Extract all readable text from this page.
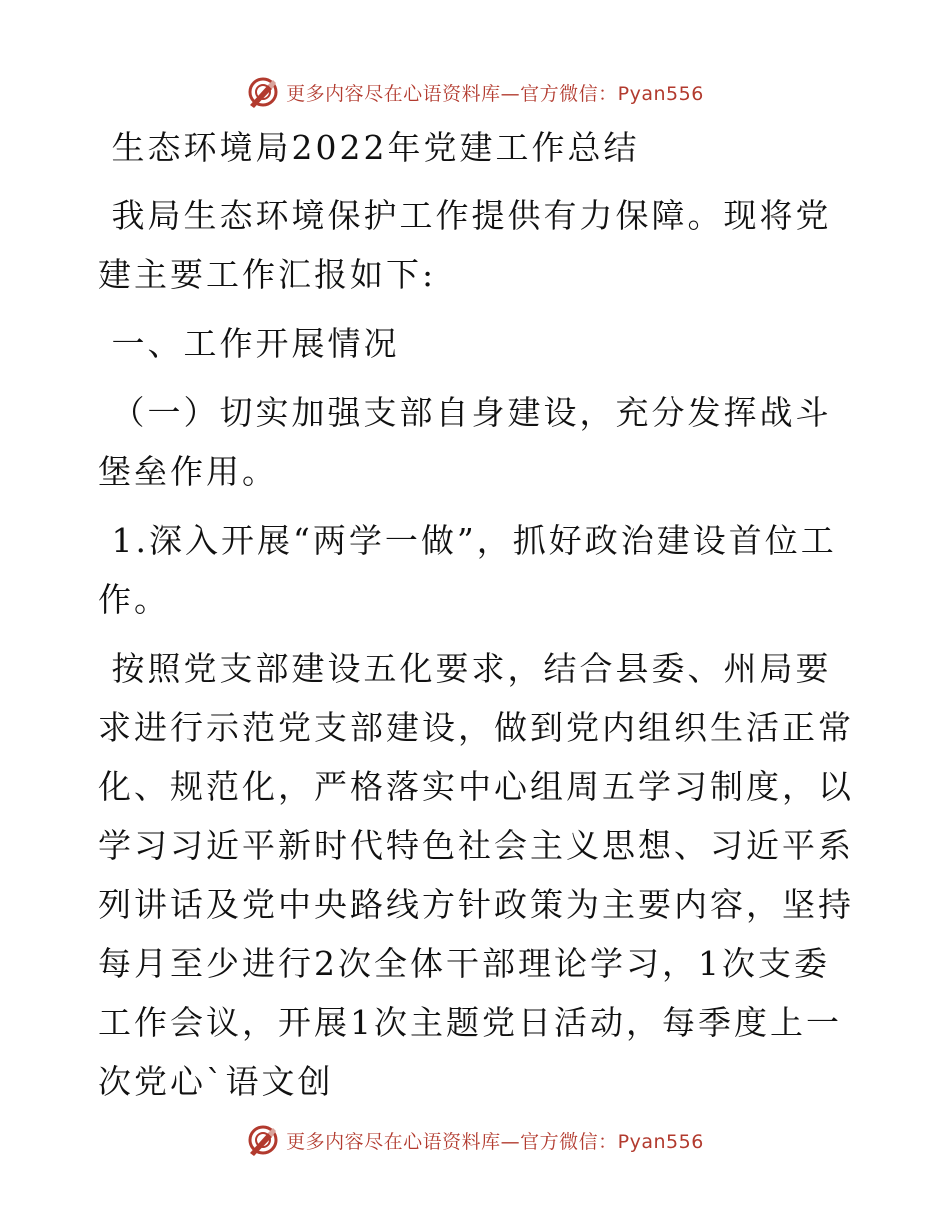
更多内容尽在心语资料库—官方微信：Pyan556

生态环境局2022年党建工作总结

我局生态环境保护工作提供有力保障。现将党建主要工作汇报如下:

一、工作开展情况

（一）切实加强支部自身建设，充分发挥战斗堡垒作用。

1.深入开展“两学一做”，抓好政治建设首位工作。

按照党支部建设五化要求，结合县委、州局要求进行示范党支部建设，做到党内组织生活正常化、规范化，严格落实中心组周五学习制度，以学习习近平新时代特色社会主义思想、习近平系列讲话及党中央路线方针政策为主要内容，坚持每月至少进行2次全体干部理论学习，1次支委工作会议，开展1次主题党日活动，每季度上一次党心`语文创

更多内容尽在心语资料库—官方微信：Pyan556
